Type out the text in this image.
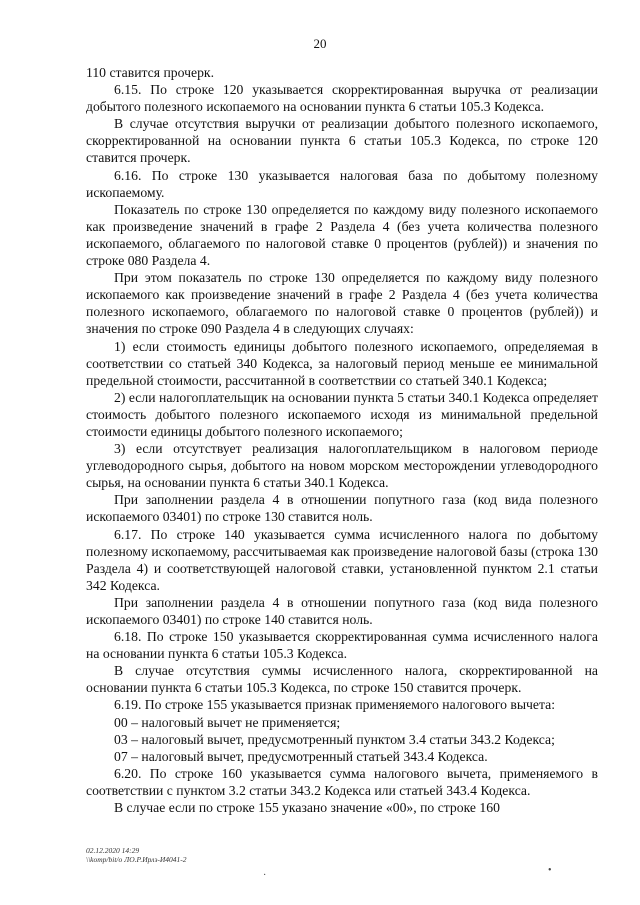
20

110 ставится прочерк.

6.15. По строке 120 указывается скорректированная выручка от реализации добытого полезного ископаемого на основании пункта 6 статьи 105.3 Кодекса.

В случае отсутствия выручки от реализации добытого полезного ископаемого, скорректированной на основании пункта 6 статьи 105.3 Кодекса, по строке 120 ставится прочерк.

6.16. По строке 130 указывается налоговая база по добытому полезному ископаемому.

Показатель по строке 130 определяется по каждому виду полезного ископаемого как произведение значений в графе 2 Раздела 4 (без учета количества полезного ископаемого, облагаемого по налоговой ставке 0 процентов (рублей)) и значения по строке 080 Раздела 4.

При этом показатель по строке 130 определяется по каждому виду полезного ископаемого как произведение значений в графе 2 Раздела 4 (без учета количества полезного ископаемого, облагаемого по налоговой ставке 0 процентов (рублей)) и значения по строке 090 Раздела 4 в следующих случаях:

1) если стоимость единицы добытого полезного ископаемого, определяемая в соответствии со статьей 340 Кодекса, за налоговый период меньше ее минимальной предельной стоимости, рассчитанной в соответствии со статьей 340.1 Кодекса;

2) если налогоплательщик на основании пункта 5 статьи 340.1 Кодекса определяет стоимость добытого полезного ископаемого исходя из минимальной предельной стоимости единицы добытого полезного ископаемого;

3) если отсутствует реализация налогоплательщиком в налоговом периоде углеводородного сырья, добытого на новом морском месторождении углеводородного сырья, на основании пункта 6 статьи 340.1 Кодекса.

При заполнении раздела 4 в отношении попутного газа (код вида полезного ископаемого 03401) по строке 130 ставится ноль.

6.17. По строке 140 указывается сумма исчисленного налога по добытому полезному ископаемому, рассчитываемая как произведение налоговой базы (строка 130 Раздела 4) и соответствующей налоговой ставки, установленной пунктом 2.1 статьи 342 Кодекса.

При заполнении раздела 4 в отношении попутного газа (код вида полезного ископаемого 03401) по строке 140 ставится ноль.

6.18. По строке 150 указывается скорректированная сумма исчисленного налога на основании пункта 6 статьи 105.3 Кодекса.

В случае отсутствия суммы исчисленного налога, скорректированной на основании пункта 6 статьи 105.3 Кодекса, по строке 150 ставится прочерк.

6.19. По строке 155 указывается признак применяемого налогового вычета:

00 – налоговый вычет не применяется;

03 – налоговый вычет, предусмотренный пунктом 3.4 статьи 343.2 Кодекса;

07 – налоговый вычет, предусмотренный статьей 343.4 Кодекса.

6.20. По строке 160 указывается сумма налогового вычета, применяемого в соответствии с пунктом 3.2 статьи 343.2 Кодекса или статьей 343.4 Кодекса.

В случае если по строке 155 указано значение «00», по строке 160

02.12.2020 14:29
\\komp/bit/o ЛО.Р.Ирлз-И4041-2
·	•
